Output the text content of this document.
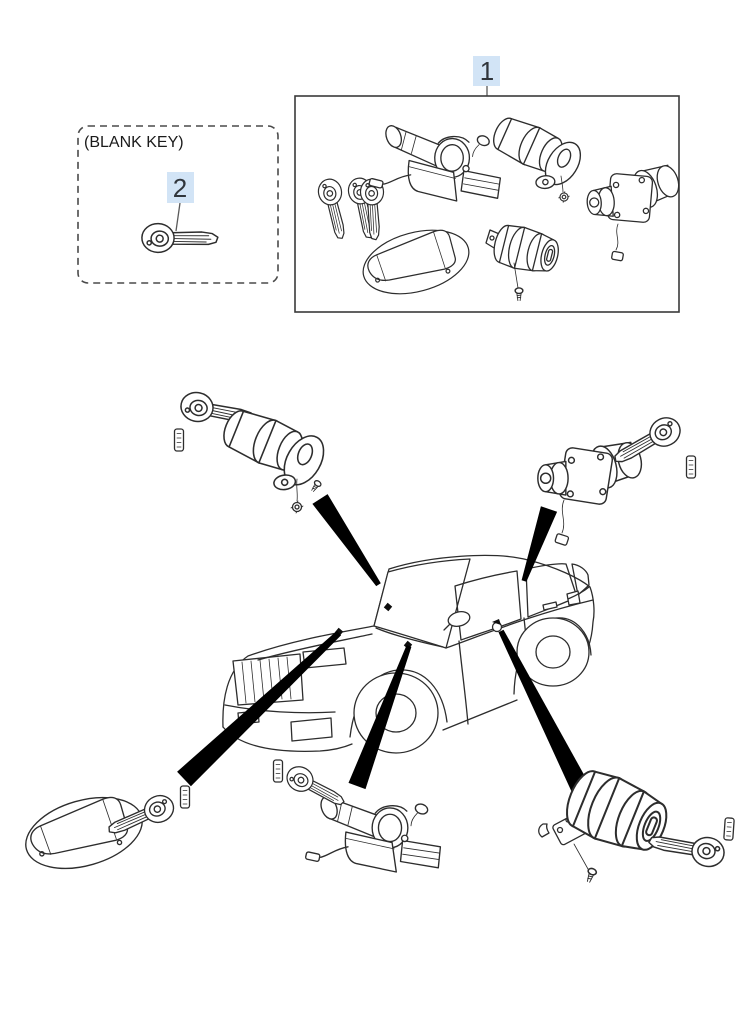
1
(BLANK KEY)
2
